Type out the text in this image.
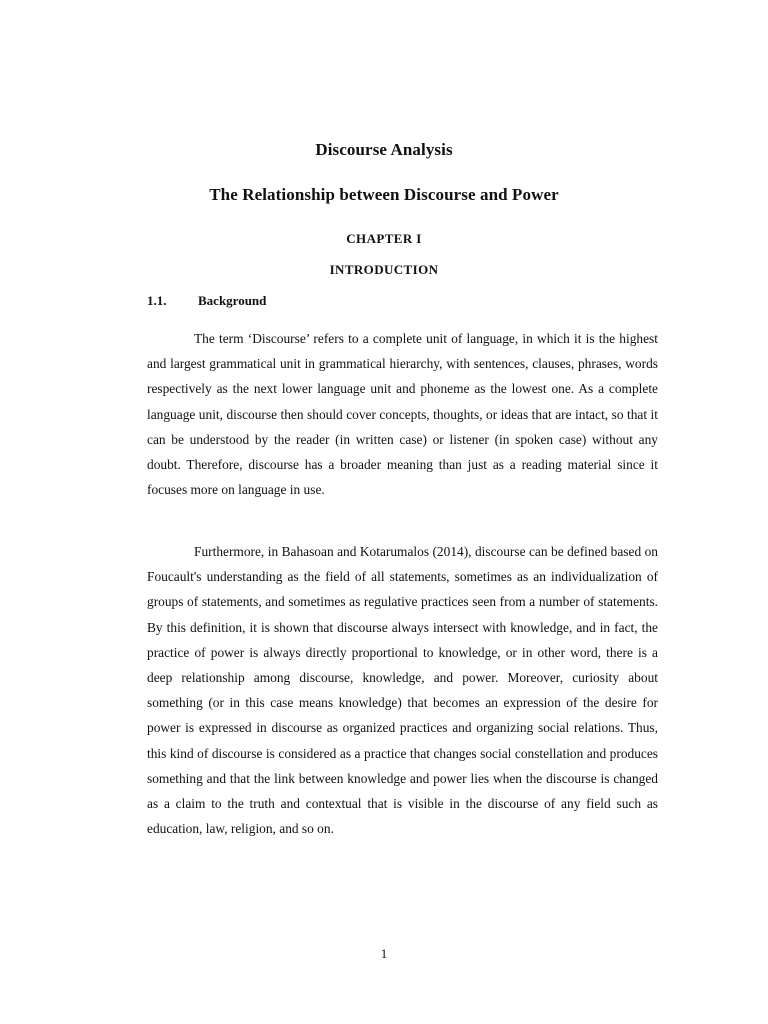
Discourse Analysis
The Relationship between Discourse and Power
CHAPTER I
INTRODUCTION
1.1. Background

The term ‘Discourse’ refers to a complete unit of language, in which it is the highest and largest grammatical unit in grammatical hierarchy, with sentences, clauses, phrases, words respectively as the next lower language unit and phoneme as the lowest one. As a complete language unit, discourse then should cover concepts, thoughts, or ideas that are intact, so that it can be understood by the reader (in written case) or listener (in spoken case) without any doubt. Therefore, discourse has a broader meaning than just as a reading material since it focuses more on language in use.

Furthermore, in Bahasoan and Kotarumalos (2014), discourse can be defined based on Foucault's understanding as the field of all statements, sometimes as an individualization of groups of statements, and sometimes as regulative practices seen from a number of statements. By this definition, it is shown that discourse always intersect with knowledge, and in fact, the practice of power is always directly proportional to knowledge, or in other word, there is a deep relationship among discourse, knowledge, and power. Moreover, curiosity about something (or in this case means knowledge) that becomes an expression of the desire for power is expressed in discourse as organized practices and organizing social relations. Thus, this kind of discourse is considered as a practice that changes social constellation and produces something and that the link between knowledge and power lies when the discourse is changed as a claim to the truth and contextual that is visible in the discourse of any field such as education, law, religion, and so on.

1
